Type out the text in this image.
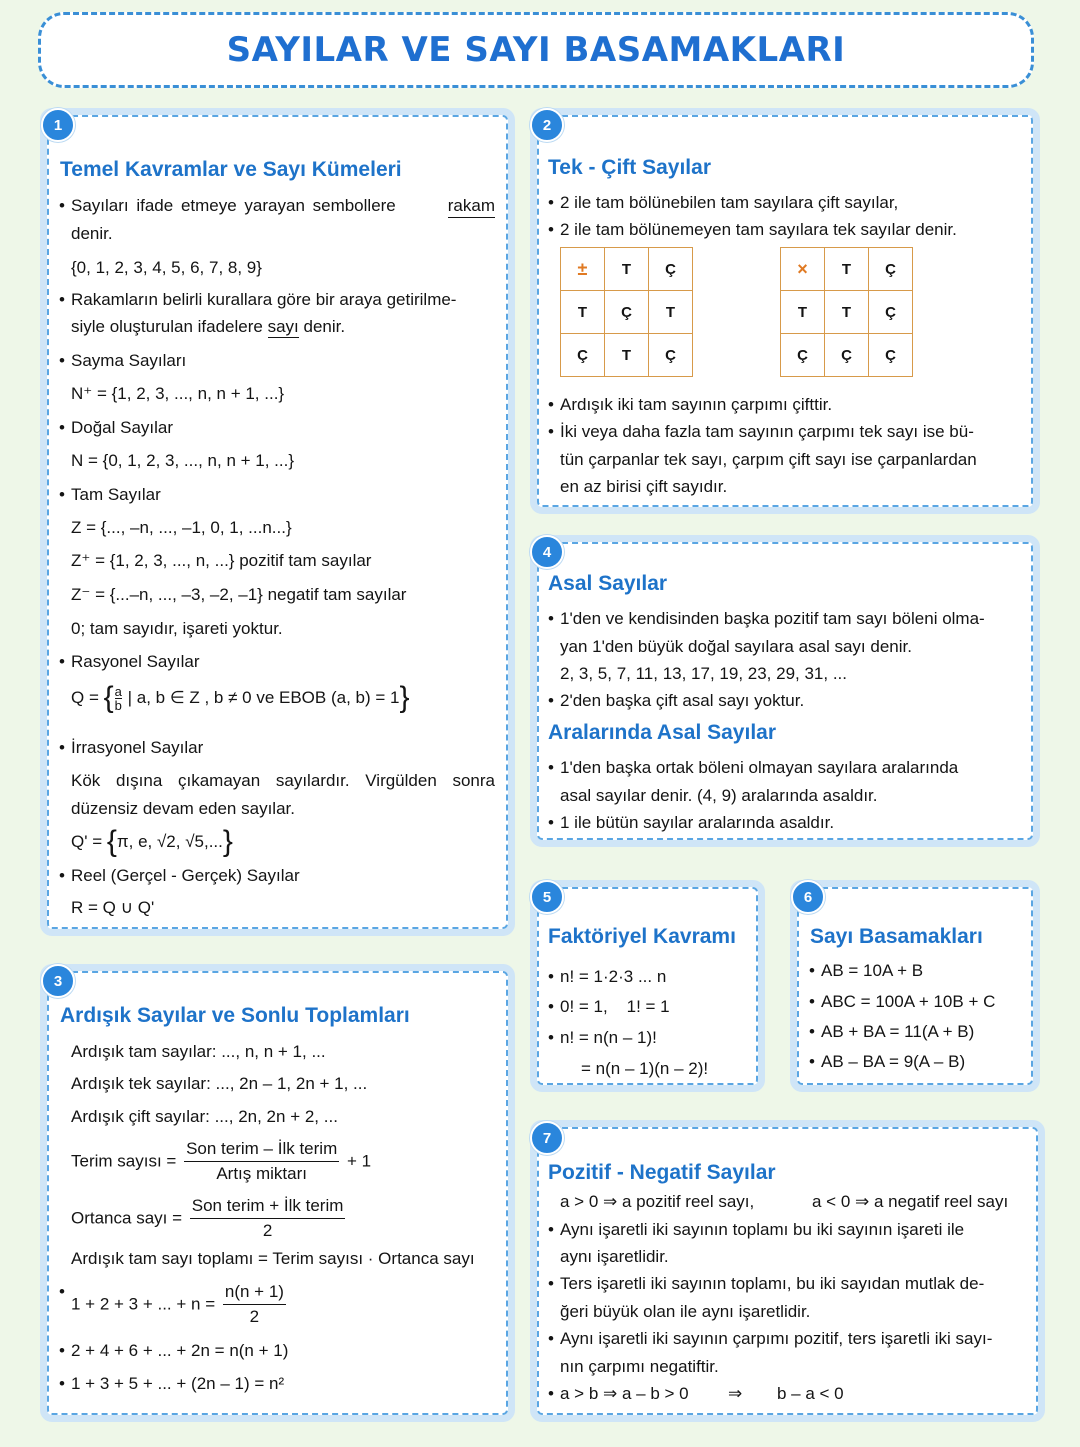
SAYILAR VE SAYI BASAMAKLARI
1
Temel Kavramlar ve Sayı Kümeleri
• Sayıları ifade etmeye yarayan sembollere	rakam
denir.
{0, 1, 2, 3, 4, 5, 6, 7, 8, 9}
• Rakamların belirli kurallara göre bir araya getirilme-
siyle oluşturulan ifadelere sayı denir.
• Sayma Sayıları
N⁺ = {1, 2, 3, ..., n, n + 1, ...}
• Doğal Sayılar
N = {0, 1, 2, 3, ..., n, n + 1, ...}
• Tam Sayılar
Z = {..., –n, ..., –1, 0, 1, ...n...}
Z⁺ = {1, 2, 3, ..., n, ...} pozitif tam sayılar
Z⁻ = {...–n, ..., –3, –2, –1} negatif tam sayılar
0; tam sayıdır, işareti yoktur.
• Rasyonel Sayılar
Q = { $\frac{a}{b}$ | a, b ∈ Z , b ≠ 0 ve EBOB (a, b) = 1}
• İrrasyonel Sayılar
Kök dışına çıkamayan sayılardır. Virgülden sonra
düzensiz devam eden sayılar.
Q' = {π, e, √2, √5,...}
• Reel (Gerçel - Gerçek) Sayılar
R = Q ∪ Q'
2
Tek - Çift Sayılar
• 2 ile tam bölünebilen tam sayılara çift sayılar,
• 2 ile tam bölünemeyen tam sayılara tek sayılar denir.
±	T	Ç
T	Ç	T
Ç	T	Ç
×	T	Ç
T	T	Ç
Ç	Ç	Ç
• Ardışık iki tam sayının çarpımı çifttir.
• İki veya daha fazla tam sayının çarpımı tek sayı ise bü-
tün çarpanlar tek sayı, çarpım çift sayı ise çarpanlardan
en az birisi çift sayıdır.
4
Asal Sayılar
• 1'den ve kendisinden başka pozitif tam sayı böleni olma-
yan 1'den büyük doğal sayılara asal sayı denir.
2, 3, 5, 7, 11, 13, 17, 19, 23, 29, 31, ...
• 2'den başka çift asal sayı yoktur.
Aralarında Asal Sayılar
• 1'den başka ortak böleni olmayan sayılara aralarında
asal sayılar denir. (4, 9) aralarında asaldır.
• 1 ile bütün sayılar aralarında asaldır.
3
Ardışık Sayılar ve Sonlu Toplamları
Ardışık tam sayılar: ..., n, n + 1, ...
Ardışık tek sayılar: ..., 2n – 1, 2n + 1, ...
Ardışık çift sayılar: ..., 2n, 2n + 2, ...
Terim sayısı = $\frac{\text{Son terim – İlk terim}}{\text{Artış miktarı}} + 1$
Ortanca sayı = $\frac{\text{Son terim + İlk terim}}{2}$
Ardışık tam sayı toplamı = Terim sayısı · Ortanca sayı
• 1 + 2 + 3 + ... + $n = \frac{n(n + 1)}{2}$
• 2 + 4 + 6 + ... + 2n = n(n + 1)
• 1 + 3 + 5 + ... + (2n – 1) = n²
5
Faktöriyel Kavramı
• n! = 1·2·3 ... n
• 0! = 1,    1! = 1
• n! = n(n – 1)!
= n(n – 1)(n – 2)!
6
Sayı Basamakları
• AB = 10A + B
• ABC = 100A + 10B + C
• AB + BA = 11(A + B)
• AB – BA = 9(A – B)
7
Pozitif - Negatif Sayılar
a > 0 ⇒ a pozitif reel sayı,	a < 0 ⇒ a negatif reel sayı
• Aynı işaretli iki sayının toplamı bu iki sayının işareti ile
aynı işaretlidir.
• Ters işaretli iki sayının toplamı, bu iki sayıdan mutlak de-
ğeri büyük olan ile aynı işaretlidir.
• Aynı işaretli iki sayının çarpımı pozitif, ters işaretli iki sayı-
nın çarpımı negatiftir.
• a > b ⇒ a – b > 0 ⇒ b – a < 0
